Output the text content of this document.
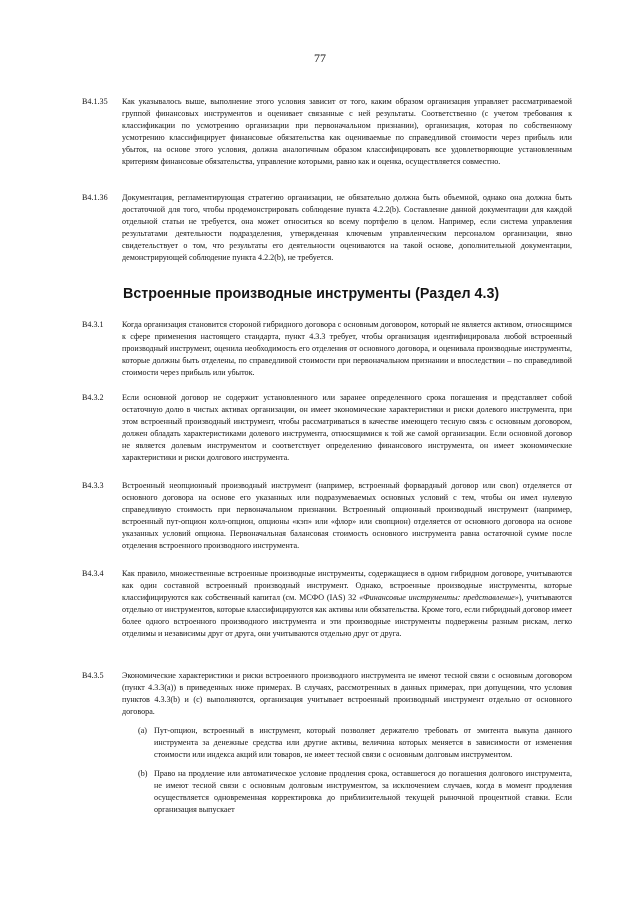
77
B4.1.35	Как указывалось выше, выполнение этого условия зависит от того, каким образом организация управляет рассматриваемой группой финансовых инструментов и оценивает связанные с ней результаты. Соответственно (с учетом требования к классификации по усмотрению организации при первоначальном признании), организация, которая по собственному усмотрению классифицирует финансовые обязательства как оцениваемые по справедливой стоимости через прибыль или убыток, на основе этого условия, должна аналогичным образом классифицировать все удовлетворяющие установленным критериям финансовые обязательства, управление которыми, равно как и оценка, осуществляется совместно.
B4.1.36	Документация, регламентирующая стратегию организации, не обязательно должна быть объемной, однако она должна быть достаточной для того, чтобы продемонстрировать соблюдение пункта 4.2.2(b). Составление данной документации для каждой отдельной статьи не требуется, она может относиться ко всему портфелю в целом. Например, если система управления результатами деятельности подразделения, утвержденная ключевым управленческим персоналом организации, явно свидетельствует о том, что результаты его деятельности оцениваются на такой основе, дополнительной документации, демонстрирующей соблюдение пункта 4.2.2(b), не требуется.
Встроенные производные инструменты (Раздел 4.3)
B4.3.1	Когда организация становится стороной гибридного договора с основным договором, который не является активом, относящимся к сфере применения настоящего стандарта, пункт 4.3.3 требует, чтобы организация идентифицировала любой встроенный производный инструмент, оценила необходимость его отделения от основного договора, и оценивала производные инструменты, которые должны быть отделены, по справедливой стоимости при первоначальном признании и впоследствии – по справедливой стоимости через прибыль или убыток.
B4.3.2	Если основной договор не содержит установленного или заранее определенного срока погашения и представляет собой остаточную долю в чистых активах организации, он имеет экономические характеристики и риски долевого инструмента, при этом встроенный производный инструмент, чтобы рассматриваться в качестве имеющего тесную связь с основным договором, должен обладать характеристиками долевого инструмента, относящимися к той же самой организации. Если основной договор не является долевым инструментом и соответствует определению финансового инструмента, он имеет экономические характеристики и риски долгового инструмента.
B4.3.3	Встроенный неопционный производный инструмент (например, встроенный форвардный договор или своп) отделяется от основного договора на основе его указанных или подразумеваемых основных условий с тем, чтобы он имел нулевую справедливую стоимость при первоначальном признании. Встроенный опционный производный инструмент (например, встроенный пут-опцион колл-опцион, опционы «кэп» или «флор» или свопцион) отделяется от основного договора на основе указанных условий опциона. Первоначальная балансовая стоимость основного инструмента равна остаточной сумме после отделения встроенного производного инструмента.
B4.3.4	Как правило, множественные встроенные производные инструменты, содержащиеся в одном гибридном договоре, учитываются как один составной встроенный производный инструмент. Однако, встроенные производные инструменты, которые классифицируются как собственный капитал (см. МСФО (IAS) 32 «Финансовые инструменты: представление»), учитываются отдельно от инструментов, которые классифицируются как активы или обязательства. Кроме того, если гибридный договор имеет более одного встроенного производного инструмента и эти производные инструменты подвержены разным рискам, легко отделимы и независимы друг от друга, они учитываются отдельно друг от друга.
B4.3.5	Экономические характеристики и риски встроенного производного инструмента не имеют тесной связи с основным договором (пункт 4.3.3(a)) в приведенных ниже примерах. В случаях, рассмотренных в данных примерах, при допущении, что условия пунктов 4.3.3(b) и (c) выполняются, организация учитывает встроенный производный инструмент отдельно от основного договора.
(a) Пут-опцион, встроенный в инструмент, который позволяет держателю требовать от эмитента выкупа данного инструмента за денежные средства или другие активы, величина которых меняется в зависимости от изменения стоимости или индекса акций или товаров, не имеет тесной связи с основным долговым инструментом.
(b) Право на продление или автоматическое условие продления срока, оставшегося до погашения долгового инструмента, не имеют тесной связи с основным долговым инструментом, за исключением случаев, когда в момент продления осуществляется одновременная корректировка до приблизительной текущей рыночной процентной ставки. Если организация выпускает
